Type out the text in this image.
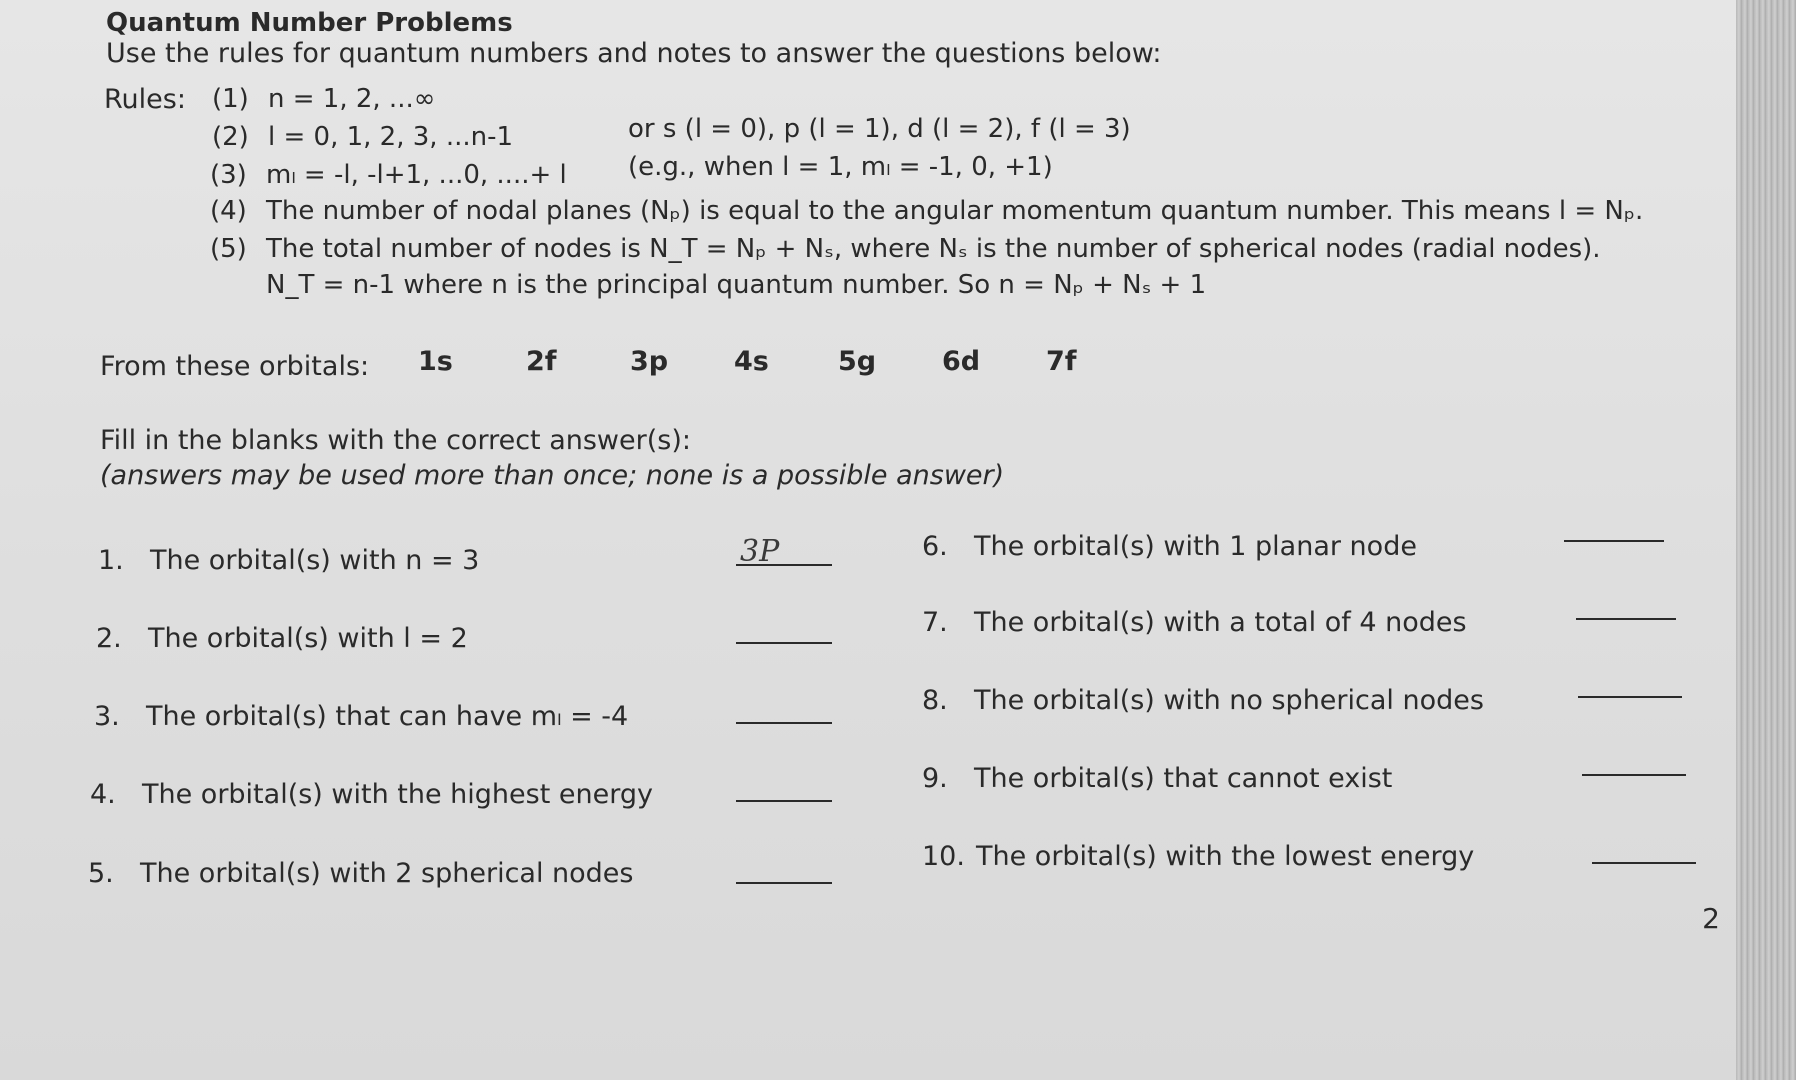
Quantum Number Problems
Use the rules for quantum numbers and notes to answer the questions below:
Rules: (1) n = 1, 2, ...∞
(2) l = 0, 1, 2, 3, ...n-1	or s (l = 0), p (l = 1), d (l = 2), f (l = 3)
(3) mₗ = -l, -l+1, ...0, ....+ l (e.g., when l = 1, mₗ = -1, 0, +1)
(4) The number of nodal planes (Nₚ) is equal to the angular momentum quantum number. This means l = Nₚ.
(5) The total number of nodes is N_T = Nₚ + Nₛ, where Nₛ is the number of spherical nodes (radial nodes).
N_T = n-1 where n is the principal quantum number. So n = Nₚ + Nₛ + 1
From these orbitals: 1s	2f	3p 4s	5g 6d 7f
Fill in the blanks with the correct answer(s):
(answers may be used more than once; none is a possible answer)
1. The orbital(s) with n = 3	3P
2. The orbital(s) with l = 2
3. The orbital(s) that can have mₗ = -4
4. The orbital(s) with the highest energy
5. The orbital(s) with 2 spherical nodes
6. The orbital(s) with 1 planar node
7. The orbital(s) with a total of 4 nodes
8. The orbital(s) with no spherical nodes
9. The orbital(s) that cannot exist
10. The orbital(s) with the lowest energy
2
